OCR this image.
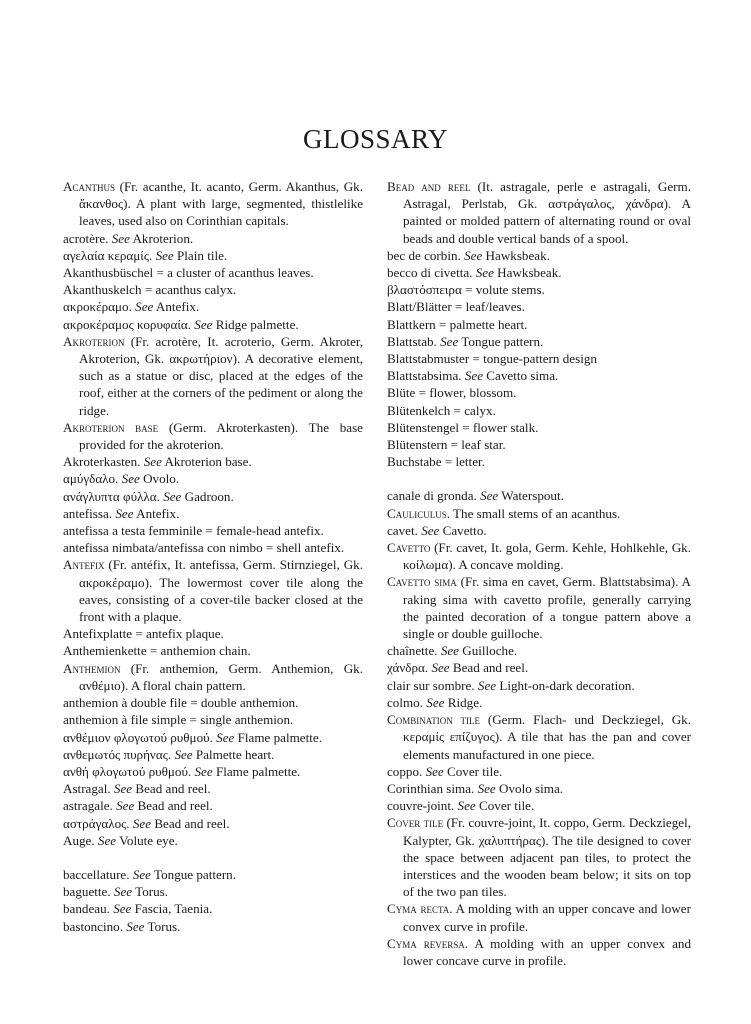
GLOSSARY

Acanthus (Fr. acanthe, It. acanto, Germ. Akanthus, Gk. ἄκανθος). A plant with large, segmented, thistlelike leaves, used also on Corinthian capitals.

acrotère. See Akroterion.

αγελαία κεραμίς. See Plain tile.

Akanthusbüschel = a cluster of acanthus leaves.

Akanthuskelch = acanthus calyx.

ακροκέραμο. See Antefix.

ακροκέραμος κορυφαία. See Ridge palmette.

Akroterion (Fr. acrotère, It. acroterio, Germ. Akroter, Akroterion, Gk. ακρωτήριον). A decorative element, such as a statue or disc, placed at the edges of the roof, either at the corners of the pediment or along the ridge.

Akroterion base (Germ. Akroterkasten). The base provided for the akroterion.

Akroterkasten. See Akroterion base.

αμύγδαλο. See Ovolo.

ανάγλυπτα φύλλα. See Gadroon.

antefissa. See Antefix.

antefissa a testa femminile = female-head antefix.

antefissa nimbata/antefissa con nimbo = shell antefix.

Antefix (Fr. antéfix, It. antefissa, Germ. Stirnziegel, Gk. ακροκέραμο). The lowermost cover tile along the eaves, consisting of a cover-tile backer closed at the front with a plaque.

Antefixplatte = antefix plaque.

Anthemienkette = anthemion chain.

Anthemion (Fr. anthemion, Germ. Anthemion, Gk. ανθέμιο). A floral chain pattern.

anthemion à double file = double anthemion.

anthemion à file simple = single anthemion.

ανθέμιον φλογωτού ρυθμού. See Flame palmette.

ανθεμωτός πυρήνας. See Palmette heart.

ανθή φλογωτού ρυθμού. See Flame palmette.

Astragal. See Bead and reel.

astragale. See Bead and reel.

αστράγαλος. See Bead and reel.

Auge. See Volute eye.

baccellature. See Tongue pattern.

baguette. See Torus.

bandeau. See Fascia, Taenia.

bastoncino. See Torus.

Bead and reel (It. astragale, perle e astragali, Germ. Astragal, Perlstab, Gk. αστράγαλος, χάνδρα). A painted or molded pattern of alternating round or oval beads and double vertical bands of a spool.

bec de corbin. See Hawksbeak.

becco di civetta. See Hawksbeak.

βλαστόσπειρα = volute stems.

Blatt/Blätter = leaf/leaves.

Blattkern = palmette heart.

Blattstab. See Tongue pattern.

Blattstabmuster = tongue-pattern design

Blattstabsima. See Cavetto sima.

Blüte = flower, blossom.

Blütenkelch = calyx.

Blütenstengel = flower stalk.

Blütenstern = leaf star.

Buchstabe = letter.

canale di gronda. See Waterspout.

Cauliculus. The small stems of an acanthus.

cavet. See Cavetto.

Cavetto (Fr. cavet, It. gola, Germ. Kehle, Hohlkehle, Gk. κοίλωμα). A concave molding.

Cavetto sima (Fr. sima en cavet, Germ. Blattstabsima). A raking sima with cavetto profile, generally carrying the painted decoration of a tongue pattern above a single or double guilloche.

chaînette. See Guilloche.

χάνδρα. See Bead and reel.

clair sur sombre. See Light-on-dark decoration.

colmo. See Ridge.

Combination tile (Germ. Flach- und Deckziegel, Gk. κεραμίς επίζυγος). A tile that has the pan and cover elements manufactured in one piece.

coppo. See Cover tile.

Corinthian sima. See Ovolo sima.

couvre-joint. See Cover tile.

Cover tile (Fr. couvre-joint, It. coppo, Germ. Deckziegel, Kalypter, Gk. χαλυπτήρας). The tile designed to cover the space between adjacent pan tiles, to protect the interstices and the wooden beam below; it sits on top of the two pan tiles.

Cyma recta. A molding with an upper concave and lower convex curve in profile.

Cyma reversa. A molding with an upper convex and lower concave curve in profile.
